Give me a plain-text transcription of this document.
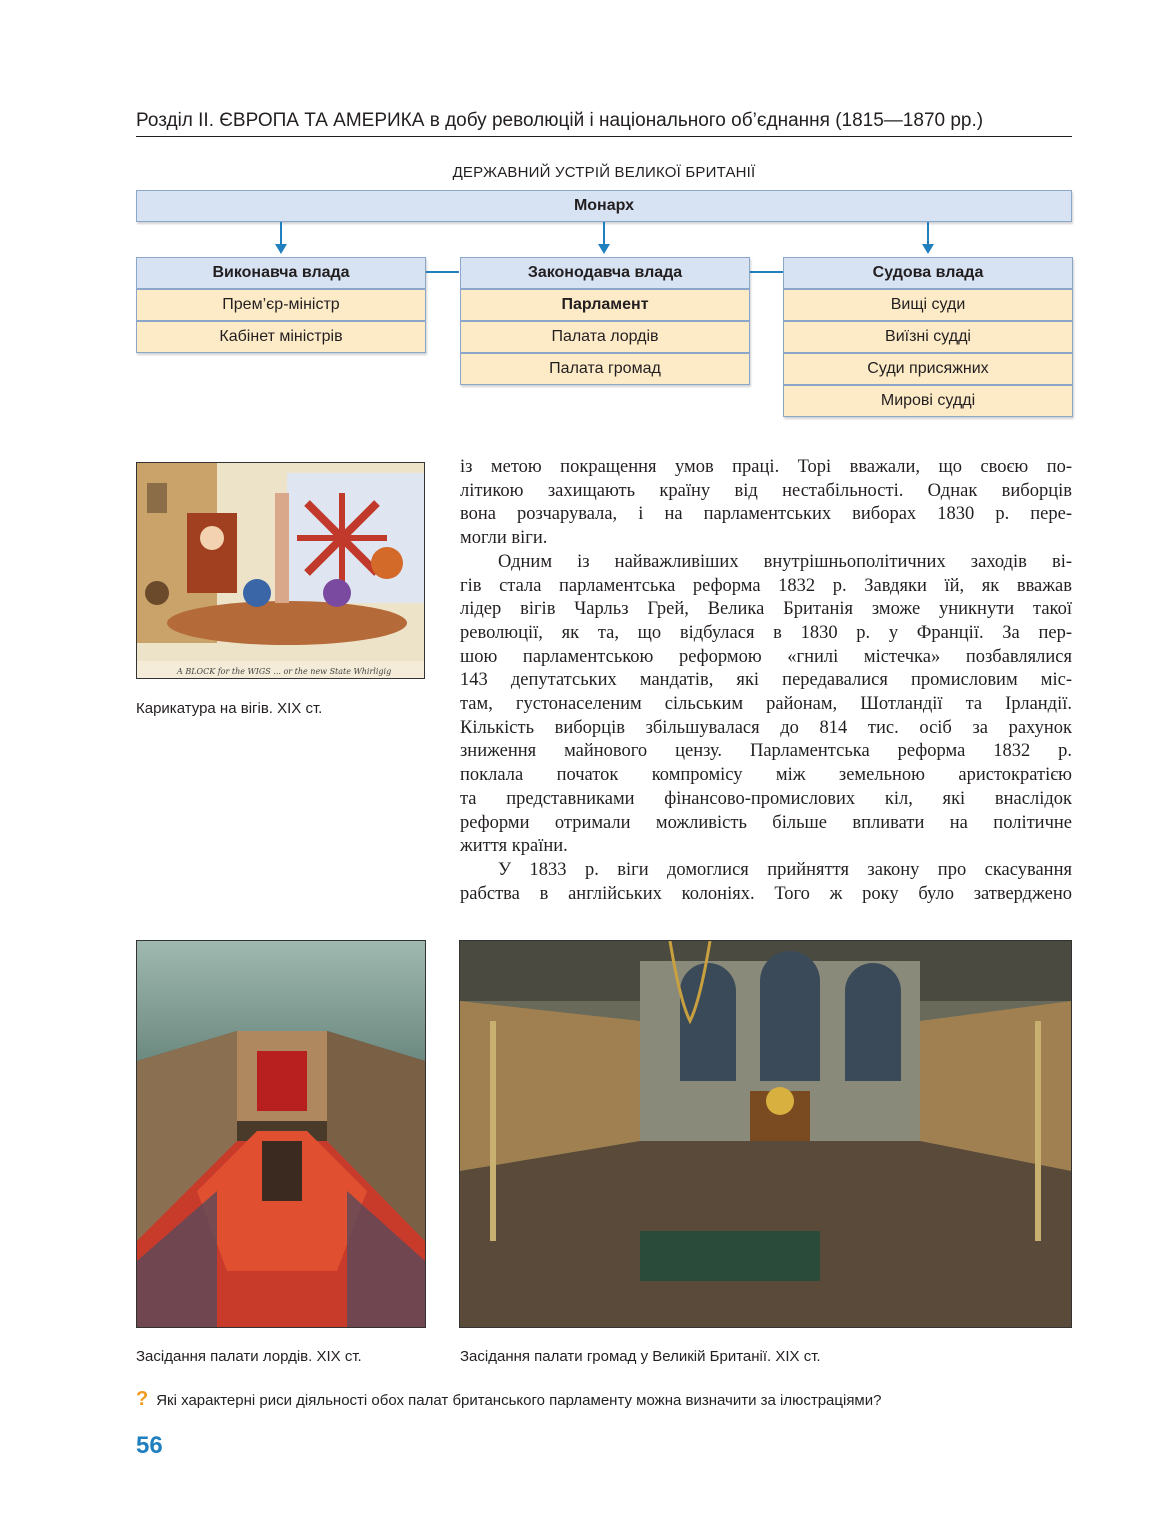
Розділ ІІ. ЄВРОПА ТА АМЕРИКА в добу революцій і національного об’єднання (1815—1870 рр.)
ДЕРЖАВНИЙ УСТРІЙ ВЕЛИКОЇ БРИТАНІЇ
Монарх
Виконавча влада
Прем’єр-міністр
Кабінет міністрів
Законодавча влада
Парламент
Палата лордів
Палата громад
Судова влада
Вищі суди
Виїзні судді
Суди присяжних
Мирові судді
A BLOCK for the WIGS ... or the new State Whirligig
Карикатура на вігів. XIX ст.

із метою покращення умов праці. Торі вважали, що своєю по-

літикою захищають країну від нестабільності. Однак виборців

вона розчарувала, і на парламентських виборах 1830 р. пере-

могли віги.

Одним із найважливіших внутрішньополітичних заходів ві-

гів стала парламентська реформа 1832 р. Завдяки їй, як вважав

лідер вігів Чарльз Грей, Велика Британія зможе уникнути такої

революції, як та, що відбулася в 1830 р. у Франції. За пер-

шою парламентською реформою «гнилі містечка» позбавлялися

143 депутатських мандатів, які передавалися промисловим міс-

там, густонаселеним сільським районам, Шотландії та Ірландії.

Кількість виборців збільшувалася до 814 тис. осіб за рахунок

зниження майнового цензу. Парламентська реформа 1832 р.

поклала початок компромісу між земельною аристократією

та представниками фінансово-промислових кіл, які внаслідок

реформи отримали можливість більше впливати на політичне

життя країни.

У 1833 р. віги домоглися прийняття закону про скасування

рабства в англійських колоніях. Того ж року було затверджено

Засідання палати лордів. XIX ст.	Засідання палати громад у Великій Британії. XIX ст.
? Які характерні риси діяльності обох палат британського парламенту можна визначити за ілюстраціями?
56
